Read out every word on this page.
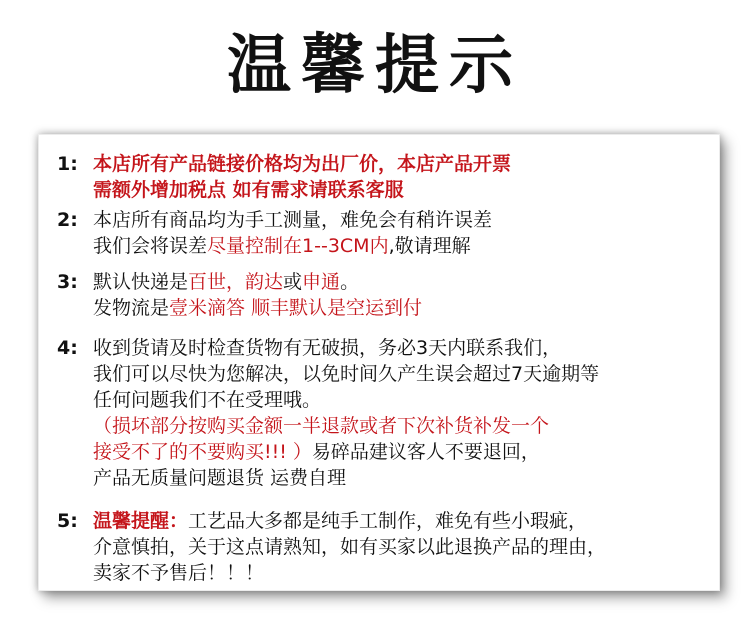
温馨提示
1: 本店所有产品链接价格均为出厂价，本店产品开票
需额外增加税点 如有需求请联系客服
2: 本店所有商品均为手工测量，难免会有稍许误差
我们会将误差尽量控制在1--3CM内,敬请理解
3: 默认快递是百世，韵达或申通。
发物流是壹米滴答 顺丰默认是空运到付
4: 收到货请及时检查货物有无破损，务必3天内联系我们，
我们可以尽快为您解决，以免时间久产生误会超过7天逾期等
任何问题我们不在受理哦。
（损坏部分按购买金额一半退款或者下次补货补发一个
接受不了的不要购买!!! ）易碎品建议客人不要退回，
产品无质量问题退货 运费自理
5: 温馨提醒：工艺品大多都是纯手工制作，难免有些小瑕疵，
介意慎拍，关于这点请熟知，如有买家以此退换产品的理由，
卖家不予售后！！！
